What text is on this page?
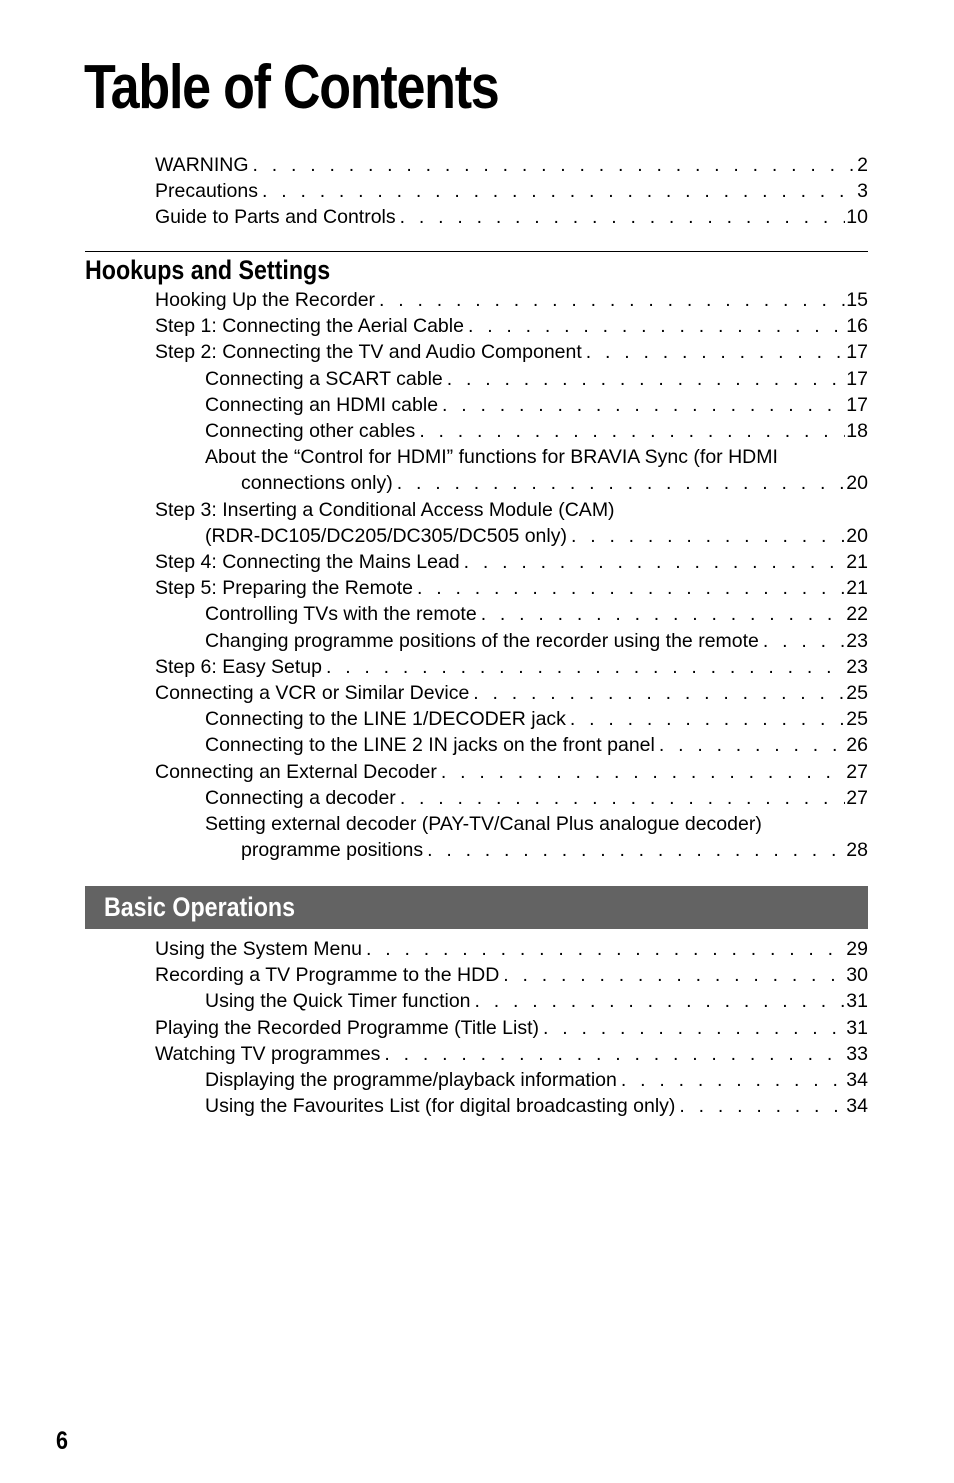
Table of Contents
WARNING . . .	2
Precautions . . .	3
Guide to Parts and Controls . . .	10
Hookups and Settings
Hooking Up the Recorder . . .	15
Step 1: Connecting the Aerial Cable . . .	16
Step 2: Connecting the TV and Audio Component . . .	17
Connecting a SCART cable . . .	17
Connecting an HDMI cable . . .	17
Connecting other cables . . .	18
About the “Control for HDMI” functions for BRAVIA Sync (for HDMI
connections only) . . .	20
Step 3: Inserting a Conditional Access Module (CAM)
(RDR-DC105/DC205/DC305/DC505 only) . . .	20
Step 4: Connecting the Mains Lead . . .	21
Step 5: Preparing the Remote . . .	21
Controlling TVs with the remote . . .	22
Changing programme positions of the recorder using the remote . . .	23
Step 6: Easy Setup . . .	23
Connecting a VCR or Similar Device . . .	25
Connecting to the LINE 1/DECODER jack . . .	25
Connecting to the LINE 2 IN jacks on the front panel . . .	26
Connecting an External Decoder . . .	27
Connecting a decoder . . .	27
Setting external decoder (PAY-TV/Canal Plus analogue decoder)
programme positions . . .	28
Basic Operations
Using the System Menu . . .	29
Recording a TV Programme to the HDD . . .	30
Using the Quick Timer function . . .	31
Playing the Recorded Programme (Title List) . . .	31
Watching TV programmes . . .	33
Displaying the programme/playback information . . .	34
Using the Favourites List (for digital broadcasting only) . . .	34
6
